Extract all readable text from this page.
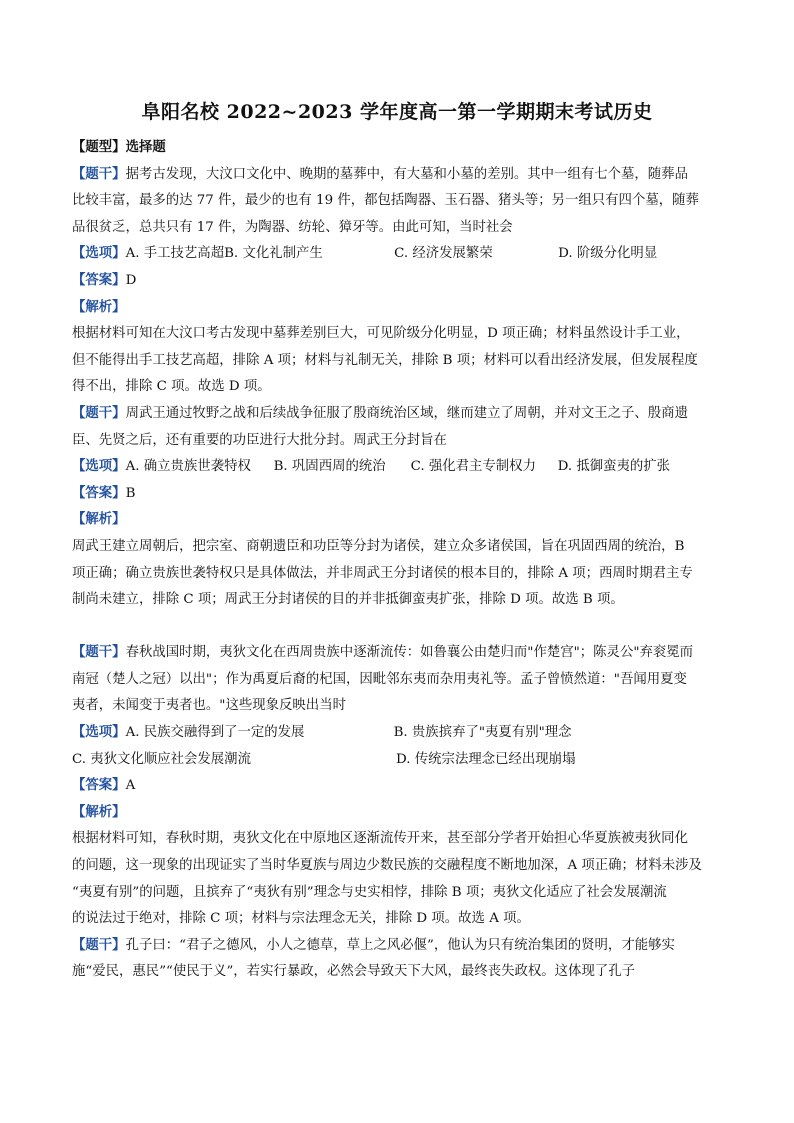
阜阳名校 2022~2023 学年度高一第一学期期末考试历史
【题型】选择题
【题干】据考古发现，大汶口文化中、晚期的墓葬中，有大墓和小墓的差别。其中一组有七个墓，随葬品
比较丰富，最多的达 77 件，最少的也有 19 件，都包括陶器、玉石器、猪头等；另一组只有四个墓，随葬
品很贫乏，总共只有 17 件，为陶器、纺轮、獐牙等。由此可知，当时社会
【选项】A. 手工技艺高超B. 文化礼制产生	C. 经济发展繁荣	D. 阶级分化明显
【答案】D
【解析】
根据材料可知在大汶口考古发现中墓葬差别巨大，可见阶级分化明显，D 项正确；材料虽然设计手工业，
但不能得出手工技艺高超，排除 A 项；材料与礼制无关，排除 B 项；材料可以看出经济发展，但发展程度
得不出，排除 C 项。故选 D 项。
【题干】周武王通过牧野之战和后续战争征服了殷商统治区域，继而建立了周朝，并对文王之子、殷商遗
臣、先贤之后，还有重要的功臣进行大批分封。周武王分封旨在
【选项】A. 确立贵族世袭特权 B. 巩固西周的统治 C. 强化君主专制权力 D. 抵御蛮夷的扩张
【答案】B
【解析】
周武王建立周朝后，把宗室、商朝遗臣和功臣等分封为诸侯，建立众多诸侯国，旨在巩固西周的统治，B
项正确；确立贵族世袭特权只是具体做法，并非周武王分封诸侯的根本目的，排除 A 项；西周时期君主专
制尚未建立，排除 C 项；周武王分封诸侯的目的并非抵御蛮夷扩张，排除 D 项。故选 B 项。
【题干】春秋战国时期，夷狄文化在西周贵族中逐渐流传：如鲁襄公由楚归而"作楚宫"；陈灵公"弃衮冕而
南冠（楚人之冠）以出"；作为禹夏后裔的杞国，因毗邻东夷而杂用夷礼等。孟子曾愤然道："吾闻用夏变
夷者，未闻变于夷者也。"这些现象反映出当时
【选项】A. 民族交融得到了一定的发展	B. 贵族摈弃了"夷夏有别"理念
C. 夷狄文化顺应社会发展潮流	D. 传统宗法理念已经出现崩塌
【答案】A
【解析】
根据材料可知，春秋时期，夷狄文化在中原地区逐渐流传开来，甚至部分学者开始担心华夏族被夷狄同化
的问题，这一现象的出现证实了当时华夏族与周边少数民族的交融程度不断地加深，A 项正确；材料未涉及
“夷夏有别”的问题，且摈弃了“夷狄有别”理念与史实相悖，排除 B 项；夷狄文化适应了社会发展潮流
的说法过于绝对，排除 C 项；材料与宗法理念无关，排除 D 项。故选 A 项。
【题干】孔子曰：“君子之德风，小人之德草，草上之风必偃”，他认为只有统治集团的贤明，才能够实
施“爱民，惠民”“使民于义”，若实行暴政，必然会导致天下大风，最终丧失政权。这体现了孔子
